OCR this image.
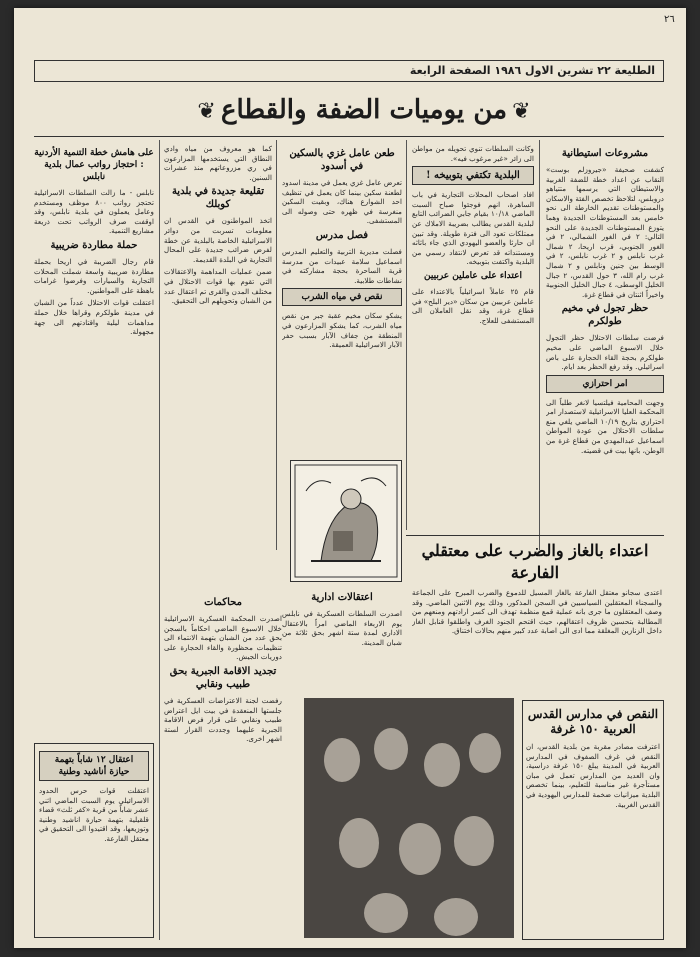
٢٦
الطليعة ٢٢ تشرين الاول ١٩٨٦ الصفحة الرابعة
❦ من يوميات الضفة والقطاع ❦
مشروعات استيطانية

كشفت صحيفة «جيروزلم بوست» النقاب عن اعداد خطة للضفة الغربية والاستيطان التي يرسمها متتياهو دروبلس، لتلاحظ تخصص الفئة والاسكان والمستوطنات تقديم الخارطة الى نحو خامس بعد المستوطنات الجديدة وهما يتوزع المستوطنات الجديدة على النحو التالي: ٢ في الغور الشمالي، ٢ في الغور الجنوبي، قرب اريحا، ٢ شمال غرب نابلس و ٢ غرب نابلس، ٢ في الوسط بين جنين ونابلس و ٢ شمال غرب رام الله، ٣ حول القدس، ٢ جبال الخليل الوسطى، ٤ جبال الخليل الجنوبية واخيراً اثنتان في قطاع غزة.

حظر تجول في مخيم طولكرم

فرضت سلطات الاحتلال حظر التجول خلال الاسبوع الماضي على مخيم طولكرم بحجة القاء الحجارة على باص اسرائيلي. وقد رفع الحظر بعد ايام.

امر احترازي

وجهت المحامية فيلتسيا لانغر طلباً الى المحكمة العليا الاسرائيلية لاستصدار امر احترازي بتاريخ ١٠/١٩ الماضي يلغي منع سلطات الاحتلال من عودة المواطن اسماعيل عبدالمهدي من قطاع غزة من الوطن، بانها بيت في قضيته.

وكانت السلطات تنوي تحويله من مواطن الى زائر «غير مرغوب فيه».

البلدية تكتفي بتوبيخه !

افاد اصحاب المحلات التجارية في باب الساهرة، انهم فوجئوا صباح السبت الماضي ١٠/١٨ بقيام جابي الضرائب التابع لبلدية القدس يطالب بضريبة الاملاك عن ممتلكات تعود الى فترة طويلة. وقد تبين ان حارثا والعضو اليهودي الذي جاء باثاثه ومستنداته قد تعرض لانتقاد رسمي من البلدية واكتفت بتوبيخه.

اعتداء على عاملين عربيين

قام ٢٥ عاملاً اسرائيلياً بالاعتداء على عاملين عربيين من سكان «دير البلح» في قطاع غزة، وقد نقل العاملان الى المستشفى للعلاج.

طعن عامل غزي بالسكين في أسدود

تعرض عامل غزي يعمل في مدينة اسدود لطعنة سكين بينما كان يعمل في تنظيف احد الشوارع هناك، وبقيت السكين منغرسة في ظهره حتى وصوله الى المستشفى.

فصل مدرس

فصلت مديرية التربية والتعليم المدرس اسماعيل سلامة عبيدات من مدرسة قرية الساحرة بحجة مشاركته في نشاطات طلابية.

نقص في مياه الشرب

يشكو سكان مخيم عقبة جبر من نقص مياه الشرب، كما يشكو المزارعون في المنطقة من جفاف الآبار بسبب حفر الآبار الاسرائيلية العميقة.

اعتقالات ادارية

اصدرت السلطات العسكرية في نابلس يوم الاربعاء الماضي امراً بالاعتقال الاداري لمدة ستة اشهر بحق ثلاثة من شبان المدينة.

كما هو معروف من مياه وادي النطاق التي يستخدمها المزارعون في ري مزروعاتهم منذ عشرات السنين.

تقليعة جديدة في بلدية كوبلك

اتخذ المواطنون في القدس ان معلومات تسربت من دوائر الاسرائيلية الخاصة بالبلدية عن خطة لفرض ضرائب جديدة على المحال التجارية في البلدة القديمة.

ضمن عمليات المداهمة والاعتقالات التي تقوم بها قوات الاحتلال في مختلف المدن والقرى تم اعتقال عدد من الشبان وتحويلهم الى التحقيق.

محاكمات

اصدرت المحكمة العسكرية الاسرائيلية خلال الاسبوع الماضي احكاماً بالسجن بحق عدد من الشبان بتهمة الانتماء الى تنظيمات محظورة والقاء الحجارة على دوريات الجيش.

تجديد الاقامة الجبرية بحق طبيب ونقابي

رفضت لجنة الاعتراضات العسكرية في جلستها المنعقدة في بيت ايل اعتراض طبيب ونقابي على قرار فرض الاقامة الجبرية عليهما وجددت القرار لستة اشهر اخرى.

على هامش خطة التنمية الأردنية : احتجاز رواتب عمال بلدية نابلس

نابلس - ما زالت السلطات الاسرائيلية تحتجز رواتب ٨٠٠ موظف ومستخدم وعامل يعملون في بلدية نابلس، وقد اوقفت صرف الرواتب تحت ذريعة مشاريع التنمية.

حملة مطاردة ضريبية

قام رجال الضريبة في اريحا بحملة مطاردة ضريبية واسعة شملت المحلات التجارية والسيارات وفرضوا غرامات باهظة على المواطنين.

اعتقلت قوات الاحتلال عدداً من الشبان في مدينة طولكرم وقراها خلال حملة مداهمات ليلية واقتادتهم الى جهة مجهولة.

اعتقال ١٢ شاباً بتهمة حيازة أناشيد وطنية

اعتقلت قوات حرس الحدود الاسرائيلي يوم السبت الماضي اثني عشر شاباً من قرية «كفر ثلث» قضاء قلقيلية بتهمة حيازة اناشيد وطنية وتوزيعها، وقد اقتيدوا الى التحقيق في معتقل الفارعة.

اعتداء بالغاز والضرب على معتقلي الفارعة

اعتدى سجانو معتقل الفارعة بالغاز المسيل للدموع والضرب المبرح على الجماعة والسجناء المعتقلين السياسيين في السجن المذكور، وذلك يوم الاثنين الماضي. وقد وصف المعتقلون ما جرى بانه عملية قمع منظمة تهدف الى كسر ارادتهم ومنعهم من المطالبة بتحسين ظروف اعتقالهم، حيث اقتحم الجنود الغرف واطلقوا قنابل الغاز داخل الزنازين المغلقة مما ادى الى اصابة عدد كبير منهم بحالات اختناق.

النقص في مدارس القدس العربية ١٥٠ غرفة

اعترفت مصادر مقربة من بلدية القدس، ان النقص في غرف الصفوف في المدارس العربية في المدينة يبلغ ١٥٠ غرفة دراسية، وان العديد من المدارس تعمل في مبان مستأجرة غير مناسبة للتعليم، بينما تخصص البلدية ميزانيات ضخمة للمدارس اليهودية في القدس الغربية.
